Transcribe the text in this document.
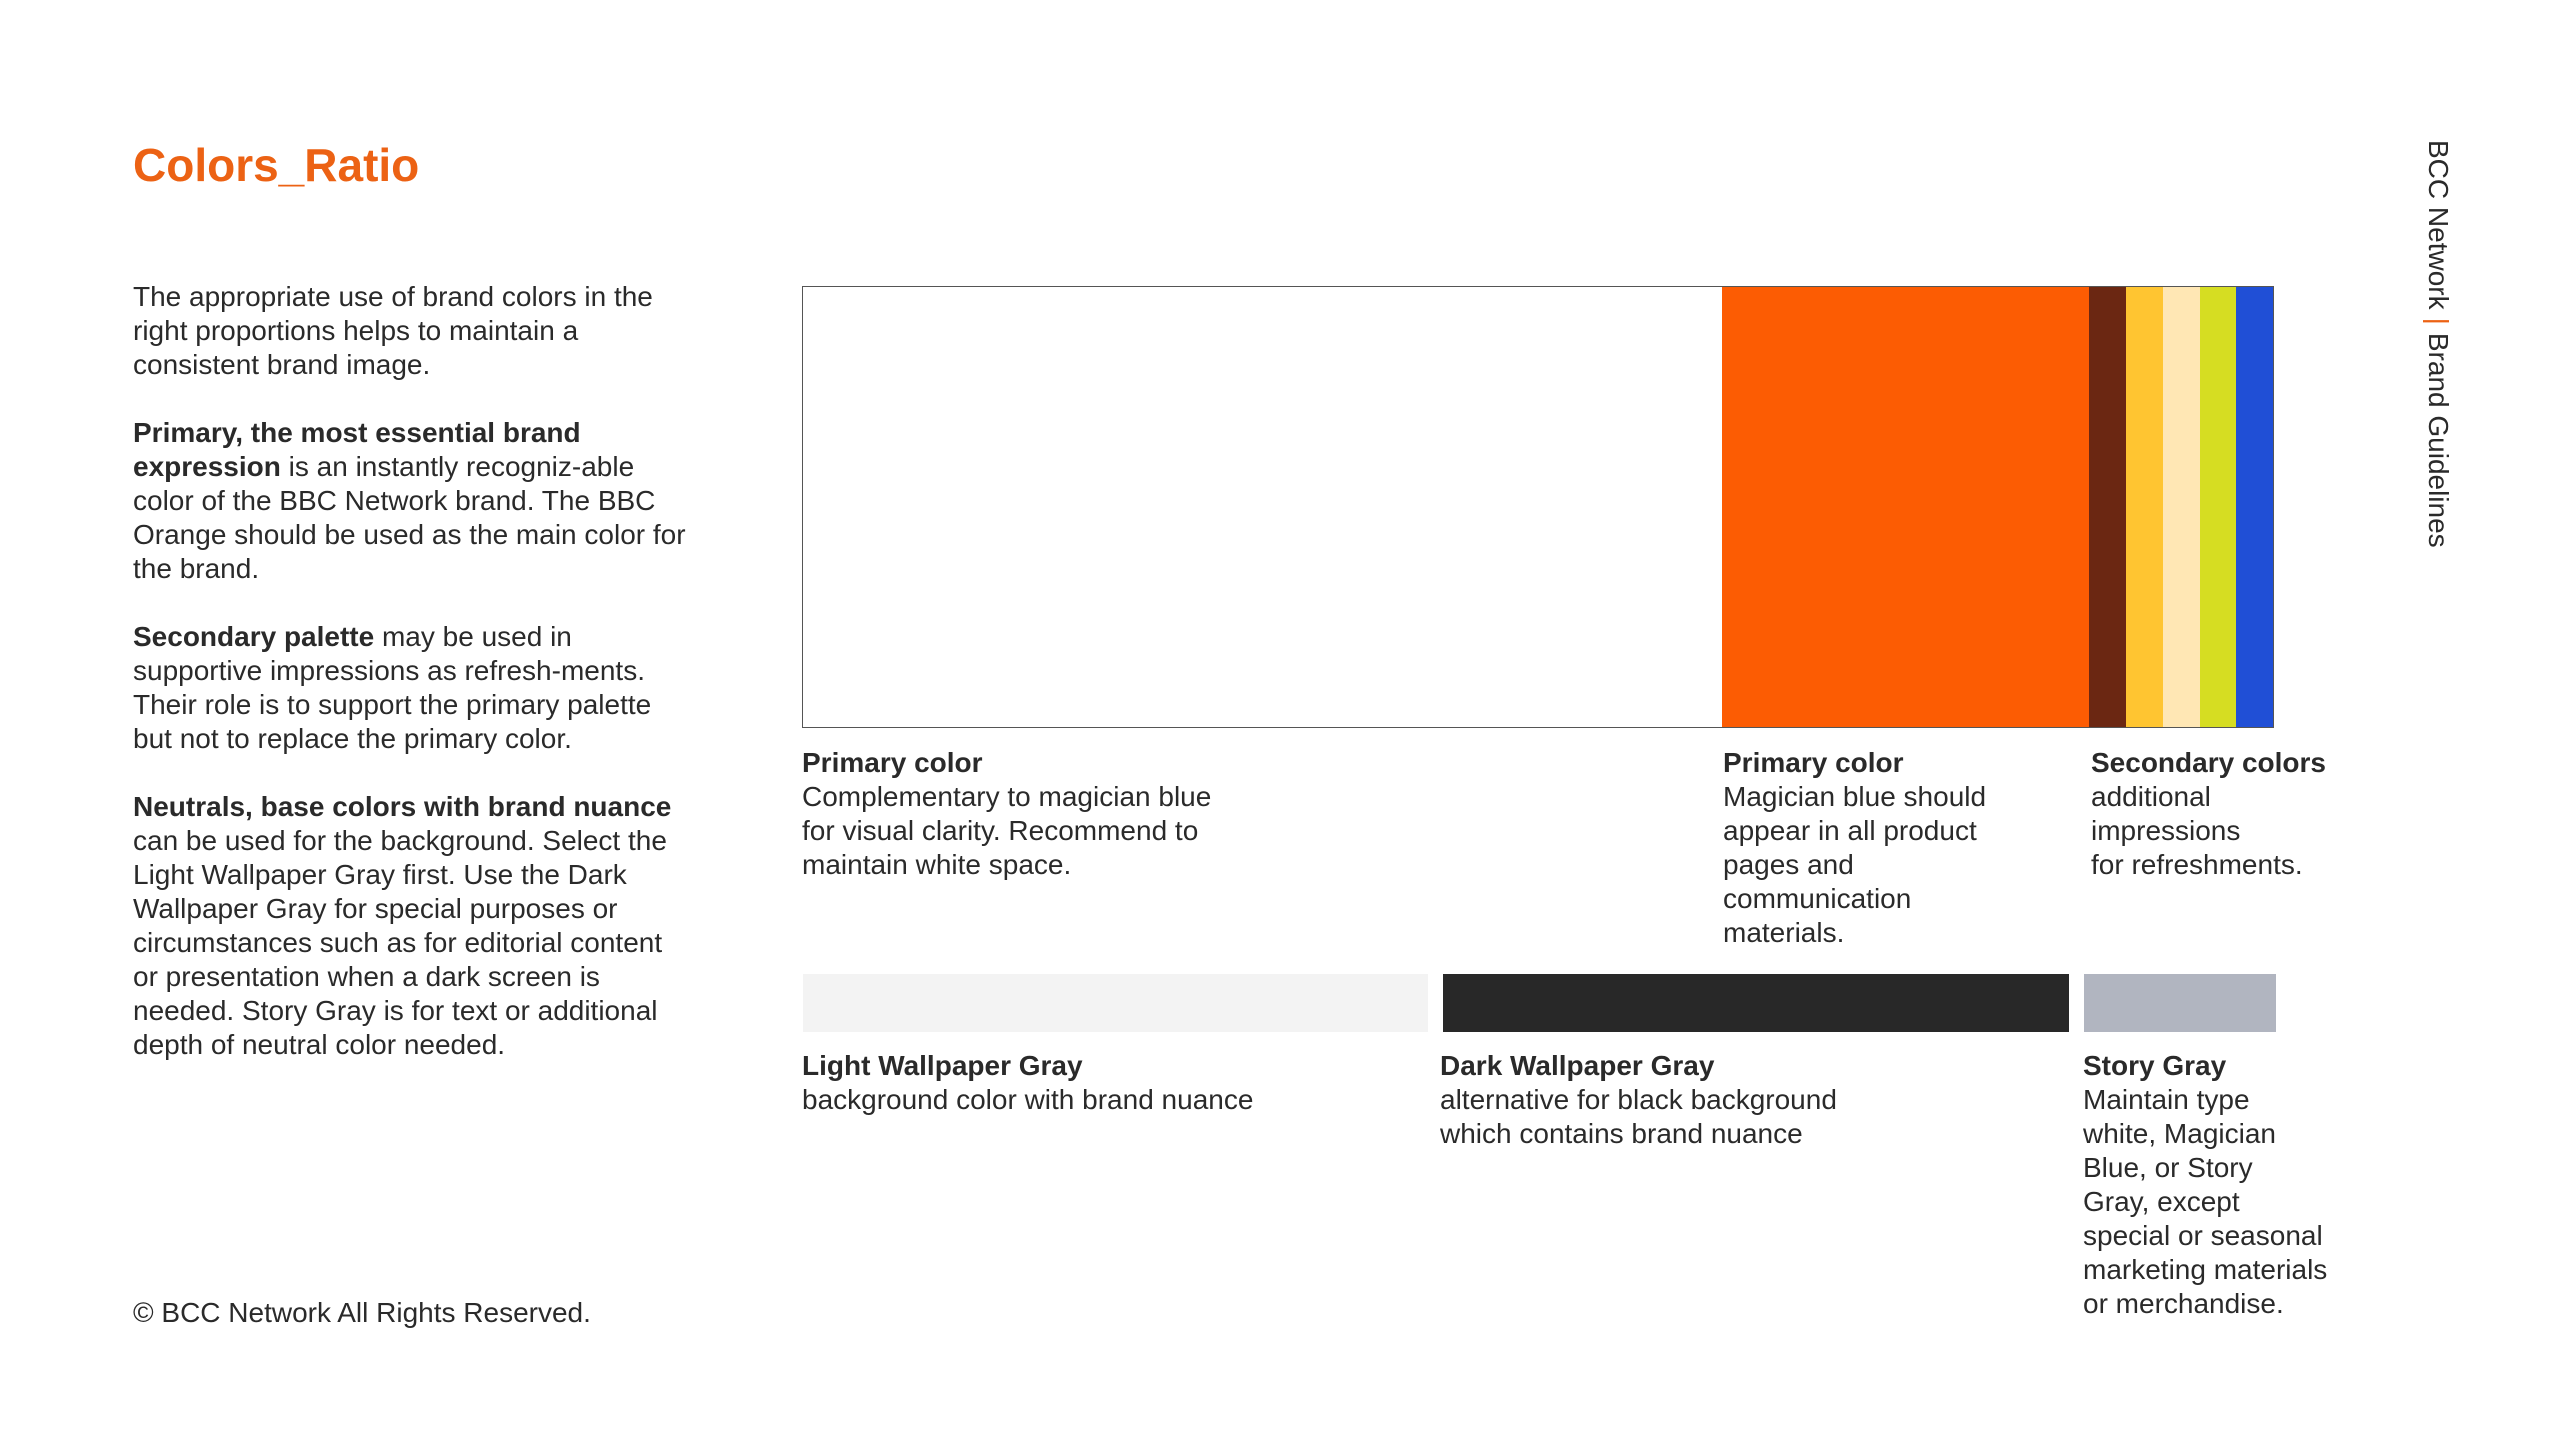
Colors_Ratio

The appropriate use of brand colors in the right proportions helps to maintain a consistent brand image.

Primary, the most essential brand expression is an instantly recogniz-able color of the BBC Network brand. The BBC Orange should be used as the main color for the brand.

Secondary palette may be used in supportive impressions as refresh-ments. Their role is to support the primary palette but not to replace the primary color.

Neutrals, base colors with brand nuance can be used for the background. Select the Light Wallpaper Gray first. Use the Dark Wallpaper Gray for special purposes or circumstances such as for editorial content or presentation when a dark screen is needed. Story Gray is for text or additional depth of neutral color needed.

BCC Network|Brand Guidelines
Primary color
Complementary to magician blue
for visual clarity. Recommend to
maintain white space.
Primary color
Magician blue should
appear in all product
pages and
communication
materials.
Secondary colors
additional
impressions
for refreshments.
Light Wallpaper Gray
background color with brand nuance
Dark Wallpaper Gray
alternative for black background
which contains brand nuance
Story Gray
Maintain type
white, Magician
Blue, or Story
Gray, except
special or seasonal
marketing materials
or merchandise.
© BCC Network All Rights Reserved.
